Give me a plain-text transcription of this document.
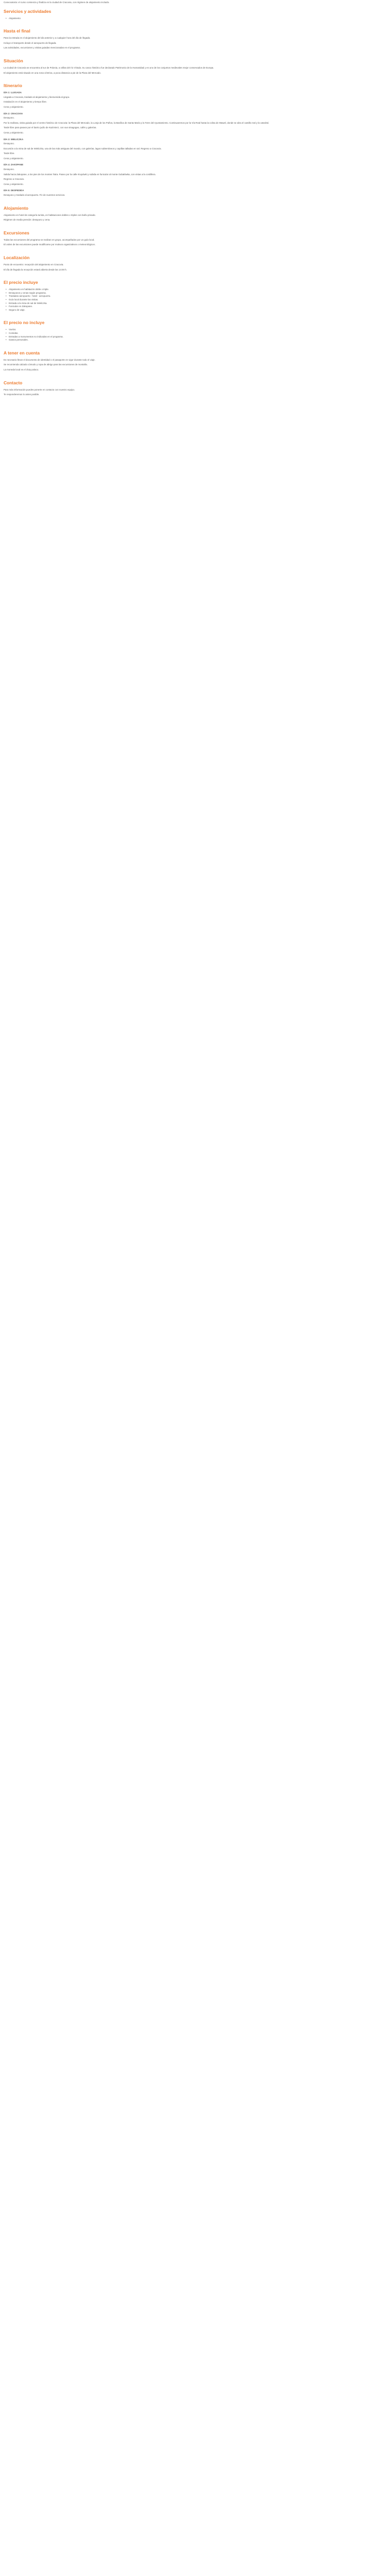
Convocatoria: el curso comienza y finaliza en la ciudad de Cracovia, con régimen de alojamiento incluido.

Servicios y actividades
• Alojamiento
Hasta el final

Para la entrada en el alojamiento del día anterior y a cualquier hora del día de llegada.

Incluye el transporte desde el aeropuerto de llegada.

Las actividades, excursiones y visitas guiadas mencionadas en el programa.

Situación

La ciudad de Cracovia se encuentra al sur de Polonia, a orillas del río Vístula. Su casco histórico fue declarado Patrimonio de la Humanidad y es uno de los conjuntos medievales mejor conservados de Europa.

El alojamiento está situado en una zona céntrica, a poca distancia a pie de la Plaza del Mercado.

Itinerario
DÍA 1: LLEGADA

Llegada a Cracovia, traslado al alojamiento y bienvenida al grupo.

Instalación en el alojamiento y tiempo libre.

Cena y alojamiento.

DÍA 2: CRACOVIA

Desayuno.

Por la mañana, visita guiada por el centro histórico de Cracovia: la Plaza del Mercado, la Lonja de los Paños, la Basílica de Santa María y la Torre del Ayuntamiento. Continuaremos por la Vía Real hasta la colina de Wawel, donde se alza el castillo real y la catedral.

Tarde libre para pasear por el barrio judío de Kazimierz, con sus sinagogas, cafés y galerías.

Cena y alojamiento.

DÍA 3: WIELICZKA

Desayuno.

Excursión a la mina de sal de Wieliczka, una de las más antiguas del mundo, con galerías, lagos subterráneos y capillas talladas en sal. Regreso a Cracovia.

Tarde libre.

Cena y alojamiento.

DÍA 4: ZAKOPANE

Desayuno.

Salida hacia Zakopane, a los pies de los montes Tatra. Paseo por la calle Krupówki y subida en funicular al monte Gubałówka, con vistas a la cordillera.

Regreso a Cracovia.

Cena y alojamiento.

DÍA 5: DESPEDIDA

Desayuno y traslado al aeropuerto. Fin de nuestros servicios.

Alojamiento

Alojamiento en hotel de categoría turista, en habitaciones dobles o triples con baño privado.

Régimen de media pensión: desayuno y cena.

Excursiones

Todas las excursiones del programa se realizan en grupo, acompañados por un guía local.

El orden de las excursiones puede modificarse por motivos organizativos o meteorológicos.

Localización

Punto de encuentro: recepción del alojamiento en Cracovia.

El día de llegada la recepción estará abierta desde las 14:00 h.

El precio incluye
• Alojamiento en habitación doble o triple.
• Desayunos y cenas según programa.
• Traslados aeropuerto - hotel - aeropuerto.
• Guía local durante las visitas.
• Entrada a la mina de sal de Wieliczka.
• Funicular en Zakopane.
• Seguro de viaje.
El precio no incluye
• Vuelos.
• Comidas.
• Entradas a monumentos no indicadas en el programa.
• Gastos personales.
A tener en cuenta

Es necesario llevar el documento de identidad o el pasaporte en vigor durante todo el viaje.

Se recomienda calzado cómodo y ropa de abrigo para las excursiones de montaña.

La moneda local es el zloty polaco.

Contacto

Para más información puedes ponerte en contacto con nuestro equipo.

Te responderemos lo antes posible.
